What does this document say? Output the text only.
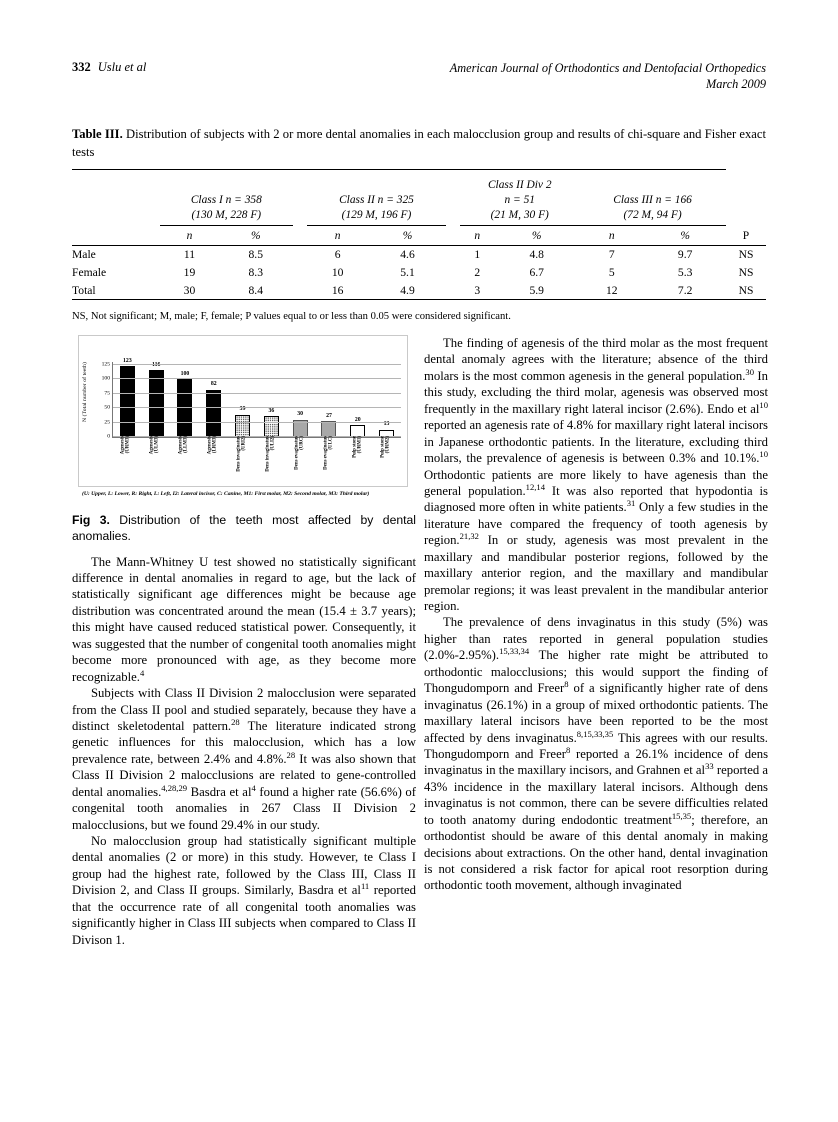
332 Uslu et al	American Journal of Orthodontics and Dentofacial Orthopedics
March 2009
Table III. Distribution of subjects with 2 or more dental anomalies in each malocclusion group and results of chi-square and Fisher exact tests

Class I n = 358
(130 M, 228 F)

Class II n = 325
(129 M, 196 F)

Class II Div 2
n = 51
(21 M, 30 F)

Class III n = 166
(72 M, 94 F)

	n	%		n	%		n	%	n	%	P
Male	11	8.5		6	4.6		1	4.8	7	9.7	NS
Female	19	8.3		10	5.1		2	6.7	5	5.3	NS
Total	30	8.4		16	4.9		3	5.9	12	7.2	NS

NS, Not significant; M, male; F, female; P values equal to or less than 0.05 were considered significant.
N (Total number of teeth)
123
116
100
82
39	36
30	27
20
13
0
25
50
75
100
125
Agenesis (URM3)	Agenesis (ULM3)	Agenesis (LLM3)	Agenesis (LRM3)	Dens invaginatus (URI2)	Dens invaginatus (ULI2)	Dens evaginatus (URC)	Dens evaginatus (ULC)	Pulp stone (URM1)	Pulp stone (URM2)
(U: Upper, L: Lower, R: Right, L: Left, I2: Lateral incisor, C: Canine, M1: First molar, M2: Second molar, M3: Third molar)
Fig 3. Distribution of the teeth most affected by dental anomalies.

The Mann-Whitney U test showed no statistically significant difference in dental anomalies in regard to age, but the lack of statistically significant age differences might be because age distribution was concentrated around the mean (15.4 ± 3.7 years); this might have caused reduced statistical power. Consequently, it was suggested that the number of congenital tooth anomalies might become more pronounced with age, as they become more recognizable.$^4$

Subjects with Class II Division 2 malocclusion were separated from the Class II pool and studied separately, because they have a distinct skeletodental pattern.$^{28}$ The literature indicated strong genetic influences for this malocclusion, which has a low prevalence rate, between 2.4% and 4.8%.$^{28}$ It was also shown that Class II Division 2 malocclusions are related to gene-controlled dental anomalies.$^{4,28,29}$ Basdra et $al^4$ found a higher rate (56.6%) of congenital tooth anomalies in 267 Class II Division 2 malocclusions, but we found 29.4% in our study.

No malocclusion group had statistically significant multiple dental anomalies (2 or more) in this study. However, te Class I group had the highest rate, followed by the Class III, Class II Division 2, and Class II groups. Similarly, Basdra et $al^{11}$ reported that the occurrence rate of all congenital tooth anomalies was significantly higher in Class III subjects when compared to Class II Divison 1.

The finding of agenesis of the third molar as the most frequent dental anomaly agrees with the literature; absence of the third molars is the most common agenesis in the general population.$^{30}$ In this study, excluding the third molar, agenesis was observed most frequently in the maxillary right lateral incisor (2.6%). Endo et $al^{10}$ reported an agenesis rate of 4.8% for maxillary right lateral incisors in Japanese orthodontic patients. In the literature, excluding third molars, the prevalence of agenesis is between 0.3% and 10.1%.$^{10}$ Orthodontic patients are more likely to have agenesis than the general population.$^{12,14}$ It was also reported that hypodontia is diagnosed more often in white patients.$^{31}$ Only a few studies in the literature have compared the frequency of tooth agenesis by region.$^{21,32}$ In or study, agenesis was most prevalent in the maxillary and mandibular posterior regions, followed by the maxillary anterior region, and the maxillary and mandibular premolar regions; it was least prevalent in the mandibular anterior region.

The prevalence of dens invaginatus in this study (5%) was higher than rates reported in general population studies (2.0%-2.95%).$^{15,33,34}$ The higher rate might be attributed to orthodontic malocclusions; this would support the finding of Thongudomporn and Freer$^8$ of a significantly higher rate of dens invaginatus (26.1%) in a group of mixed orthodontic patients. The maxillary lateral incisors have been reported to be the most affected by dens invaginatus.$^{8,15,33,35}$ This agrees with our results. Thongudomporn and Freer$^8$ reported a 26.1% incidence of dens invaginatus in the maxillary incisors, and Grahnen et $al^{33}$ reported a 43% incidence in the maxillary lateral incisors. Although dens invaginatus is not common, there can be severe difficulties related to tooth anatomy during endodontic treatment$^{15,35}$; therefore, an orthodontist should be aware of this dental anomaly in making decisions about extractions. On the other hand, dental invagination is not considered a risk factor for apical root resorption during orthodontic tooth movement, although invaginated
